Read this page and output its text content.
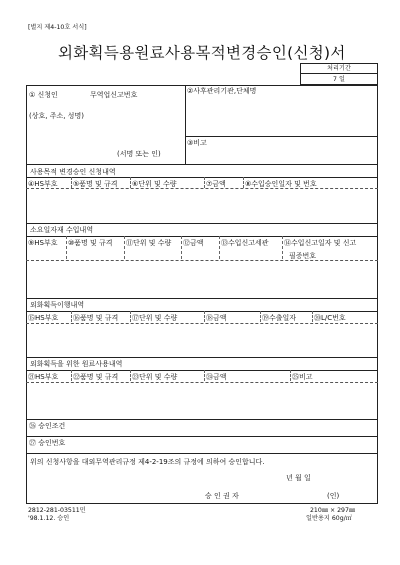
[별지 제4-10호 서식]
외화획득용원료사용목적변경승인(신청)서
처리기간
7 일
① 신청인	무역업신고번호
(상호, 주소, 성명)
(서명 또는 인)
②사후관리기관,단체명
③비고
사용목적 변경승인 신청내역
④HS부호 ⑤품명 및 규격 ⑥단위 및 수량	⑦금액	⑧수입승인일자 및 번호
소요일자재 수입내역
⑨HS부호 ⑩품명 및 규격 ⑪단위 및 수량 ⑫금액 ⑬수입신고세관 ⑭수입신고일자 및 신고
필증번호
외화획득이행내역
⑮HS부호 ⑯품명 및 규격 ⑰단위 및 수량	⑱금액	⑲수출일자	⑳L/C번호
외화획득을 위한 원료사용내역
㉑HS부호 ㉒품명 및 규격 ㉓단위 및 수량	㉔금액	㉕비고
㉖ 승인조건
㉗ 승인번호
위의 신청사항을 대외무역관리규정 제4-2-19조의 규정에 의하여 승인합니다.
년 월 일
승 인 권 자	(인)
2812-281-03511민
'98.1.12. 승인
210㎜ × 297㎜
일반용지 60g/㎡
